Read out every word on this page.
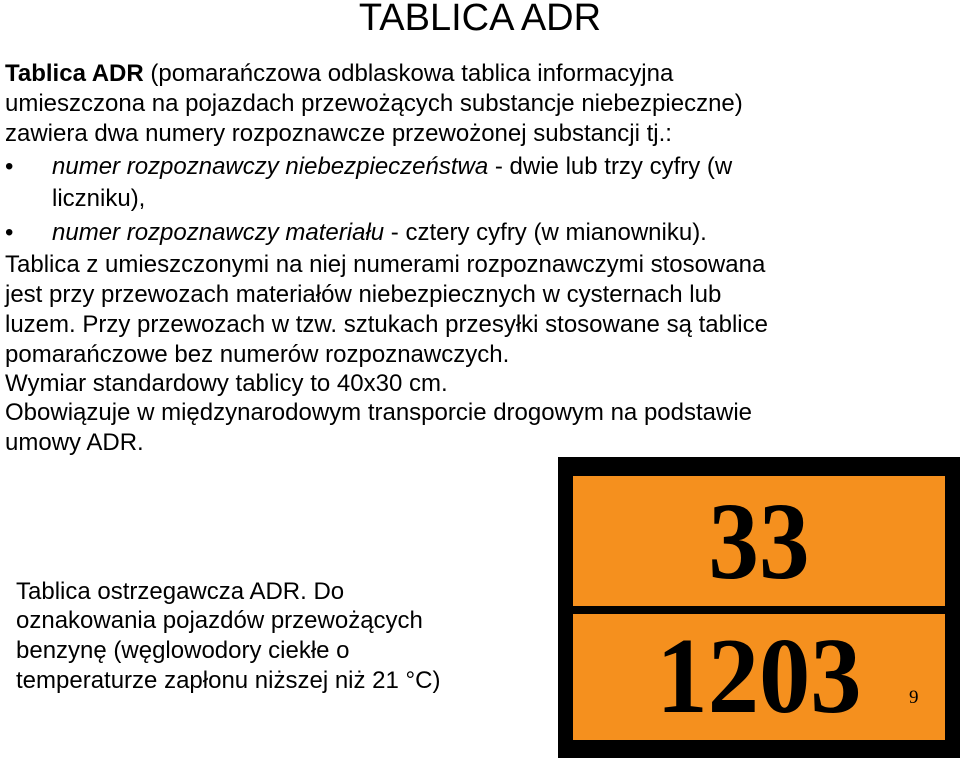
TABLICA ADR
Tablica ADR (pomarańczowa odblaskowa tablica informacyjna
umieszczona na pojazdach przewożących substancje niebezpieczne)
zawiera dwa numery rozpoznawcze przewożonej substancji tj.:
• numer rozpoznawczy niebezpieczeństwa - dwie lub trzy cyfry (w
liczniku),
• numer rozpoznawczy materiału - cztery cyfry (w mianowniku).
Tablica z umieszczonymi na niej numerami rozpoznawczymi stosowana
jest przy przewozach materiałów niebezpiecznych w cysternach lub
luzem. Przy przewozach w tzw. sztukach przesyłki stosowane są tablice
pomarańczowe bez numerów rozpoznawczych.
Wymiar standardowy tablicy to 40x30 cm.
Obowiązuje w międzynarodowym transporcie drogowym na podstawie
umowy ADR.
Tablica ostrzegawcza ADR. Do
oznakowania pojazdów przewożących
benzynę (węglowodory ciekłe o
temperaturze zapłonu niższej niż 21 °C)
33
1203 9
